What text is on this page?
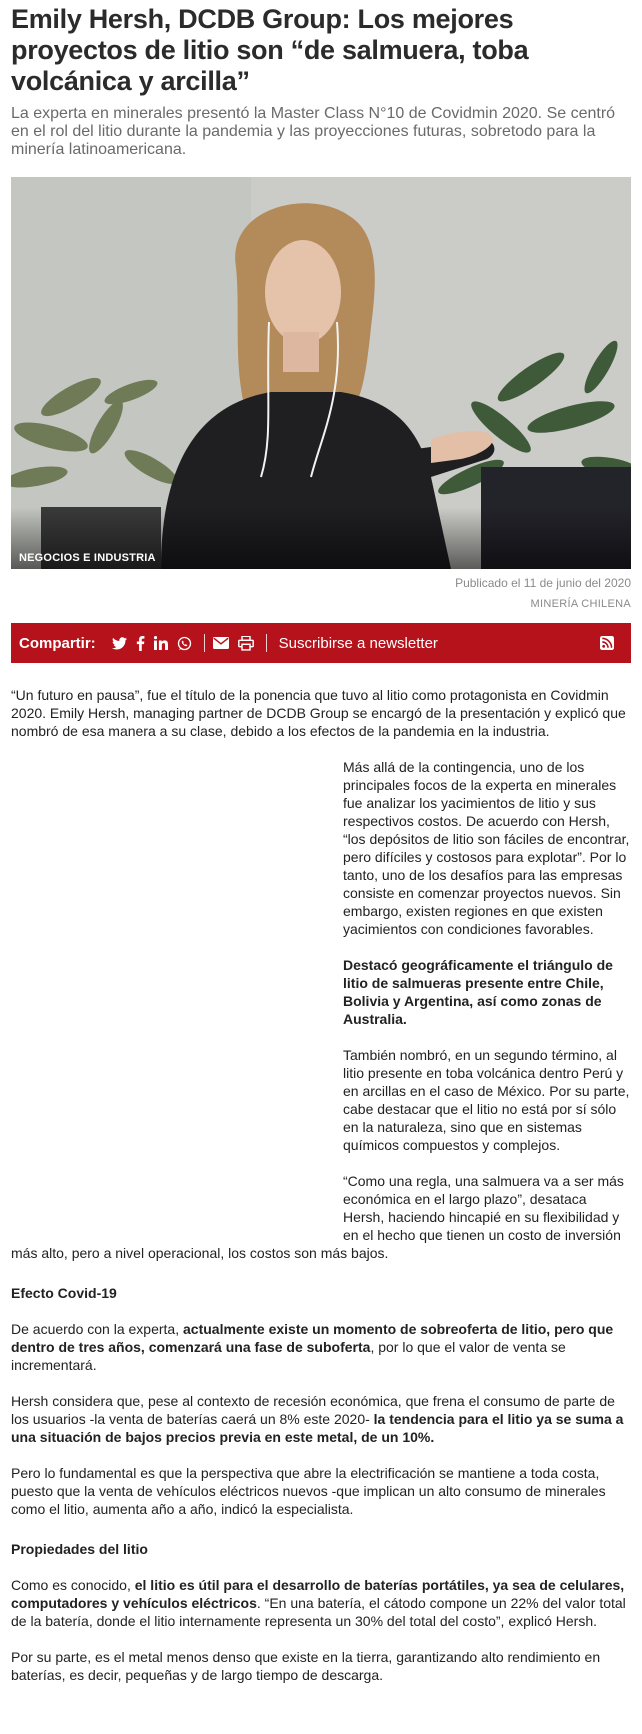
Emily Hersh, DCDB Group: Los mejores proyectos de litio son “de salmuera, toba volcánica y arcilla”

La experta en minerales presentó la Master Class N°10 de Covidmin 2020. Se centró en el rol del litio durante la pandemia y las proyecciones futuras, sobretodo para la minería latinoamericana.

NEGOCIOS E INDUSTRIA
Publicado el 11 de junio del 2020
MINERÍA CHILENA
Compartir:	Suscribirse a newsletter

“Un futuro en pausa”, fue el título de la ponencia que tuvo al litio como protagonista en Covidmin 2020. Emily Hersh, managing partner de DCDB Group se encargó de la presentación y explicó que nombró de esa manera a su clase, debido a los efectos de la pandemia en la industria.

Más allá de la contingencia, uno de los principales focos de la experta en minerales fue analizar los yacimientos de litio y sus respectivos costos. De acuerdo con Hersh, “los depósitos de litio son fáciles de encontrar, pero difíciles y costosos para explotar”. Por lo tanto, uno de los desafíos para las empresas consiste en comenzar proyectos nuevos. Sin embargo, existen regiones en que existen yacimientos con condiciones favorables.

Destacó geográficamente el triángulo de litio de salmueras presente entre Chile, Bolivia y Argentina, así como zonas de Australia.

También nombró, en un segundo término, al litio presente en toba volcánica dentro Perú y en arcillas en el caso de México. Por su parte, cabe destacar que el litio no está por sí sólo en la naturaleza, sino que en sistemas químicos compuestos y complejos.

“Como una regla, una salmuera va a ser más económica en el largo plazo”, desataca Hersh, haciendo hincapié en su flexibilidad y en el hecho que tienen un costo de inversión más alto, pero a nivel operacional, los costos son más bajos.

Efecto Covid-19

De acuerdo con la experta, actualmente existe un momento de sobreoferta de litio, pero que dentro de tres años, comenzará una fase de suboferta, por lo que el valor de venta se incrementará.

Hersh considera que, pese al contexto de recesión económica, que frena el consumo de parte de los usuarios -la venta de baterías caerá un 8% este 2020- la tendencia para el litio ya se suma a una situación de bajos precios previa en este metal, de un 10%.

Pero lo fundamental es que la perspectiva que abre la electrificación se mantiene a toda costa, puesto que la venta de vehículos eléctricos nuevos -que implican un alto consumo de minerales como el litio, aumenta año a año, indicó la especialista.

Propiedades del litio

Como es conocido, el litio es útil para el desarrollo de baterías portátiles, ya sea de celulares, computadores y vehículos eléctricos. “En una batería, el cátodo compone un 22% del valor total de la batería, donde el litio internamente representa un 30% del total del costo”, explicó Hersh.

Por su parte, es el metal menos denso que existe en la tierra, garantizando alto rendimiento en baterías, es decir, pequeñas y de largo tiempo de descarga.
